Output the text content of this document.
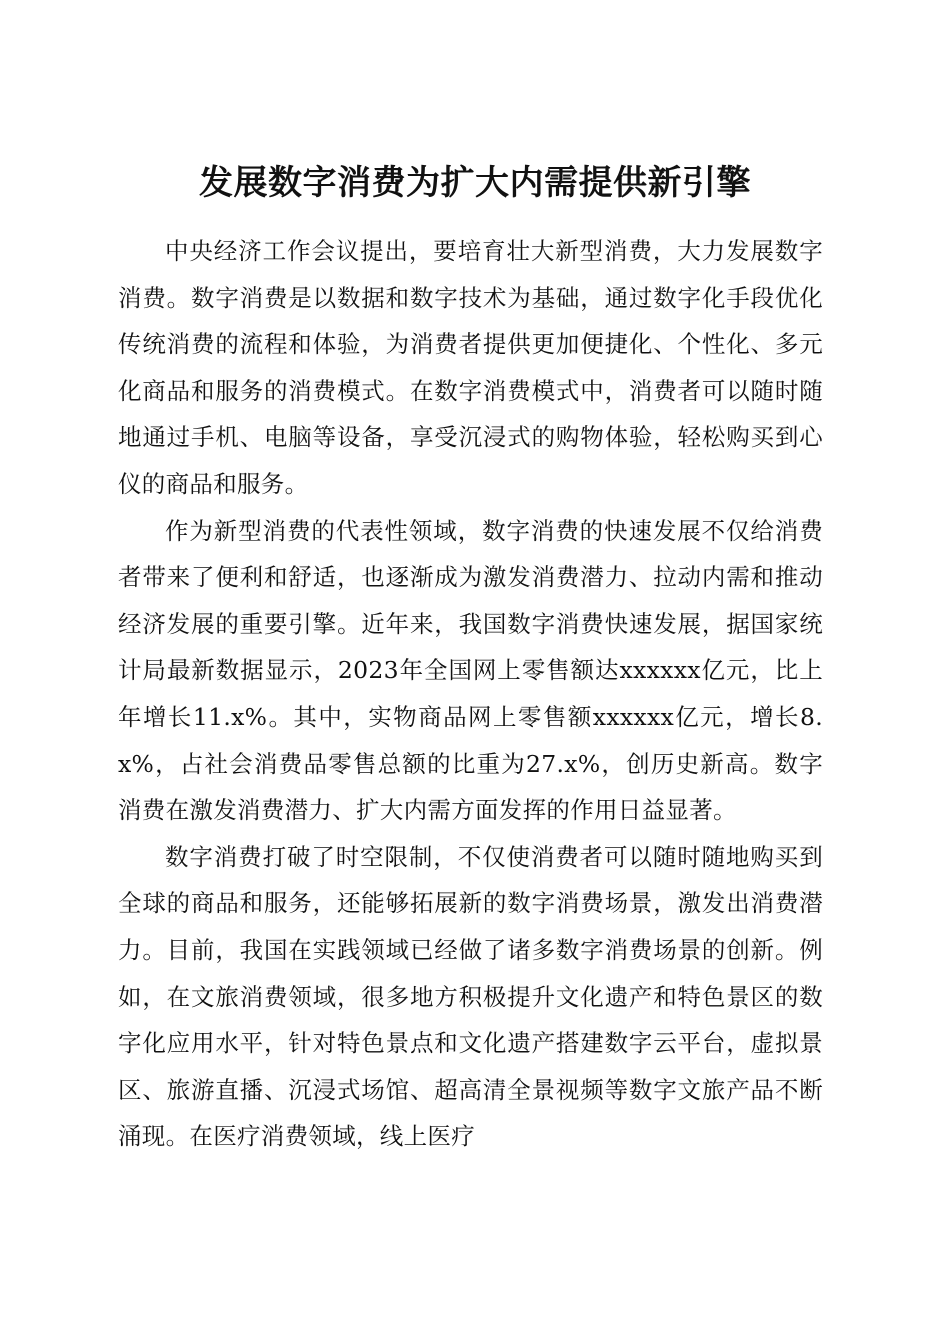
发展数字消费为扩大内需提供新引擎

中央经济工作会议提出，要培育壮大新型消费，大力发展数字消费。数字消费是以数据和数字技术为基础，通过数字化手段优化传统消费的流程和体验，为消费者提供更加便捷化、个性化、多元化商品和服务的消费模式。在数字消费模式中，消费者可以随时随地通过手机、电脑等设备，享受沉浸式的购物体验，轻松购买到心仪的商品和服务。

作为新型消费的代表性领域，数字消费的快速发展不仅给消费者带来了便利和舒适，也逐渐成为激发消费潜力、拉动内需和推动经济发展的重要引擎。近年来，我国数字消费快速发展，据国家统计局最新数据显示，2023年全国网上零售额达xxxxxx亿元，比上年增长11.x%。其中，实物商品网上零售额xxxxxx亿元，增长8.x%，占社会消费品零售总额的比重为27.x%，创历史新高。数字消费在激发消费潜力、扩大内需方面发挥的作用日益显著。

数字消费打破了时空限制，不仅使消费者可以随时随地购买到全球的商品和服务，还能够拓展新的数字消费场景，激发出消费潜力。目前，我国在实践领域已经做了诸多数字消费场景的创新。例如，在文旅消费领域，很多地方积极提升文化遗产和特色景区的数字化应用水平，针对特色景点和文化遗产搭建数字云平台，虚拟景区、旅游直播、沉浸式场馆、超高清全景视频等数字文旅产品不断涌现。在医疗消费领域，线上医疗
